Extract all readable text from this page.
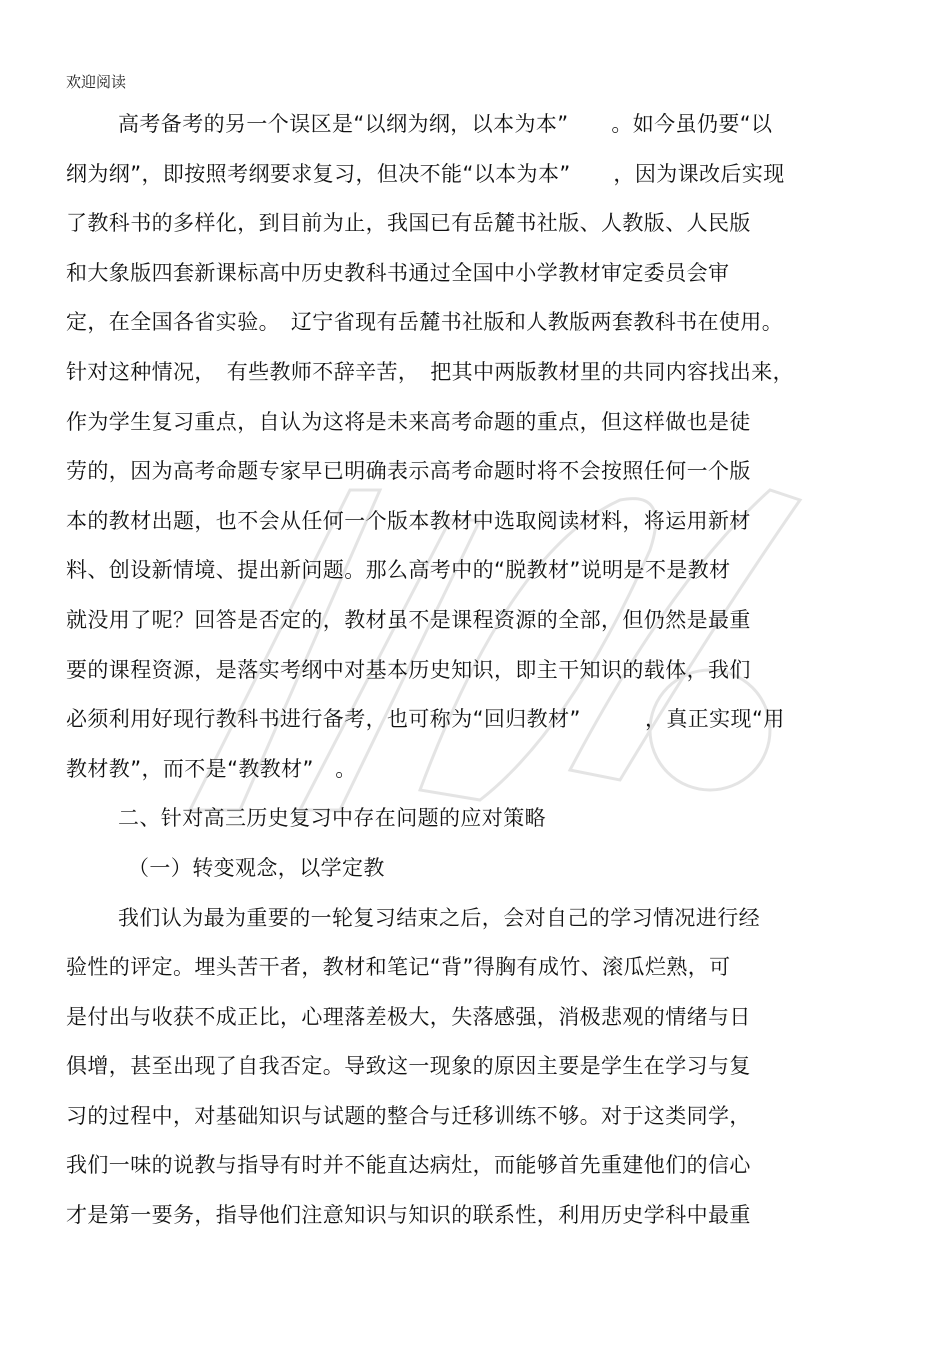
欢迎阅读
高考备考的另一个误区是“以纲为纲，以本为本”　　。如今虽仍要“以
纲为纲”，即按照考纲要求复习，但决不能“以本为本”　　，因为课改后实现
了教科书的多样化，到目前为止，我国已有岳麓书社版、人教版、人民版
和大象版四套新课标高中历史教科书通过全国中小学教材审定委员会审
定，在全国各省实验。　辽宁省现有岳麓书社版和人教版两套教科书在使用。
针对这种情况，　有些教师不辞辛苦，　把其中两版教材里的共同内容找出来，
作为学生复习重点，自认为这将是未来高考命题的重点，但这样做也是徒
劳的，因为高考命题专家早已明确表示高考命题时将不会按照任何一个版
本的教材出题，也不会从任何一个版本教材中选取阅读材料，将运用新材
料、创设新情境、提出新问题。那么高考中的“脱教材”说明是不是教材
就没用了呢？回答是否定的，教材虽不是课程资源的全部，但仍然是最重
要的课程资源，是落实考纲中对基本历史知识，即主干知识的载体，我们
必须利用好现行教科书进行备考，也可称为“回归教材”　　　，真正实现“用
教材教”，而不是“教教材”　。
二、针对高三历史复习中存在问题的应对策略
（一）转变观念，以学定教
我们认为最为重要的一轮复习结束之后，会对自己的学习情况进行经
验性的评定。埋头苦干者，教材和笔记“背”得胸有成竹、滚瓜烂熟，可
是付出与收获不成正比，心理落差极大，失落感强，消极悲观的情绪与日
俱增，甚至出现了自我否定。导致这一现象的原因主要是学生在学习与复
习的过程中，对基础知识与试题的整合与迁移训练不够。对于这类同学，
我们一味的说教与指导有时并不能直达病灶，而能够首先重建他们的信心
才是第一要务，指导他们注意知识与知识的联系性，利用历史学科中最重
